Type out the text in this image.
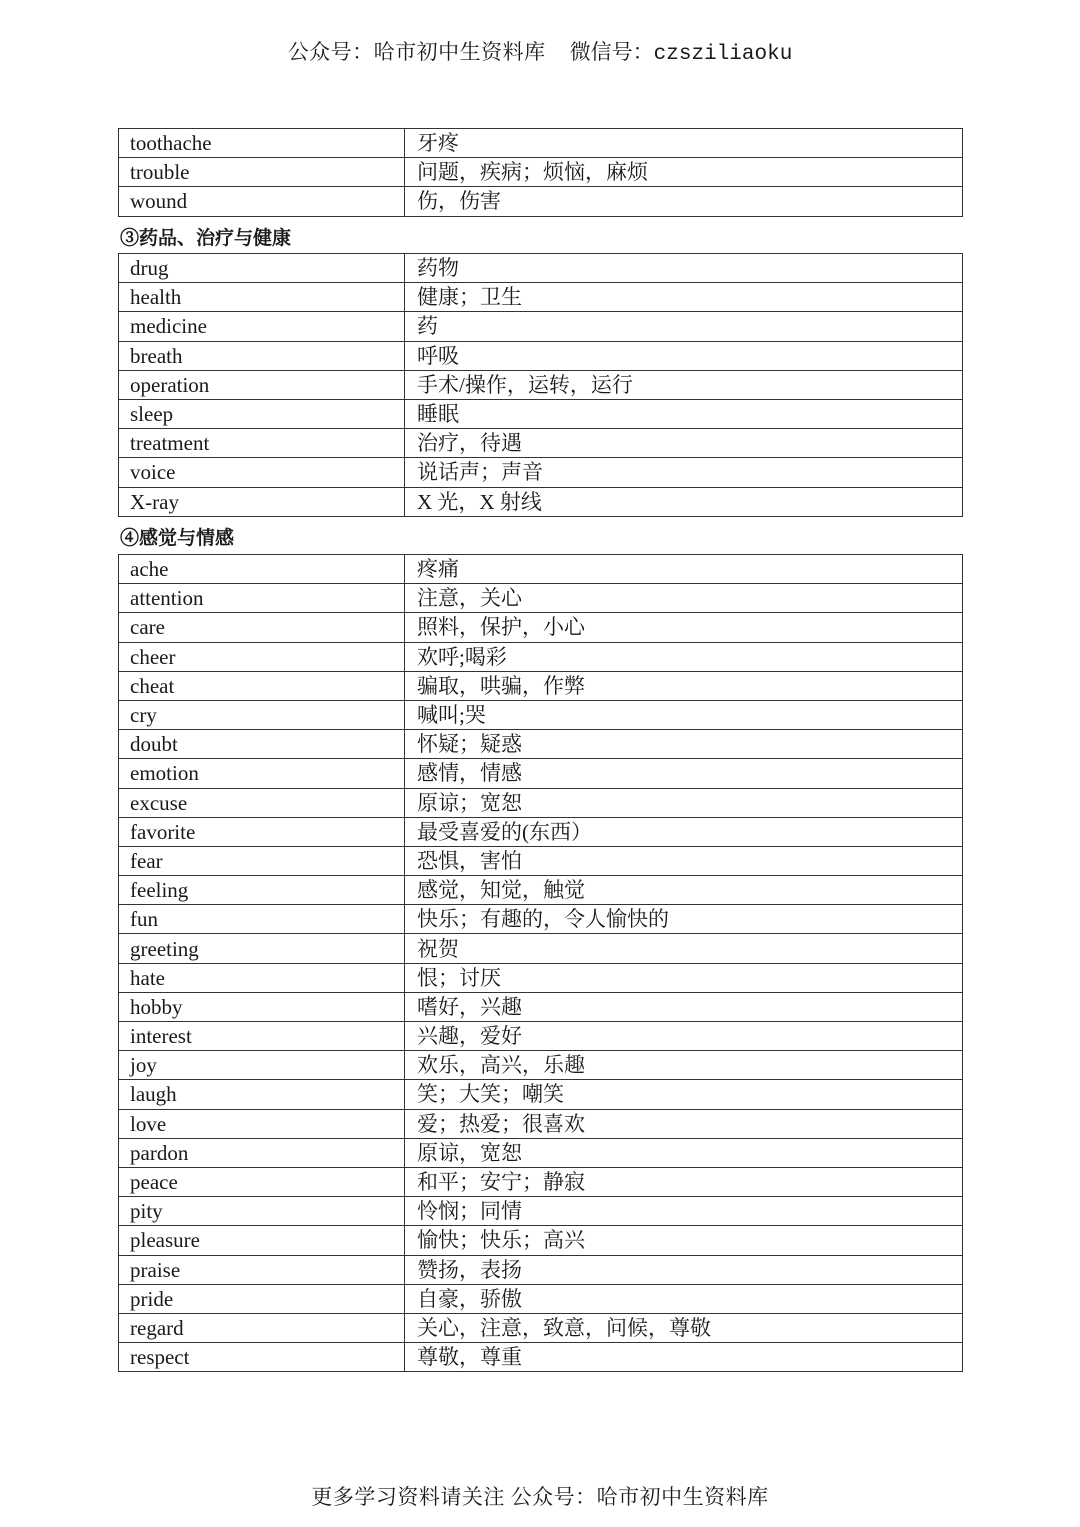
公众号：哈市初中生资料库 微信号：czsziliaoku
toothache	牙疼
trouble	问题，疾病；烦恼，麻烦
wound	伤，伤害
③药品、治疗与健康
drug	药物
health	健康；卫生
medicine	药
breath	呼吸
operation	手术/操作，运转，运行
sleep	睡眠
treatment	治疗，待遇
voice	说话声；声音
X-ray	X 光，X 射线
④感觉与情感
ache	疼痛
attention	注意，关心
care	照料，保护，小心
cheer	欢呼;喝彩
cheat	骗取，哄骗，作弊
cry	喊叫;哭
doubt	怀疑；疑惑
emotion	感情，情感
excuse	原谅；宽恕
favorite	最受喜爱的(东西）
fear	恐惧，害怕
feeling	感觉，知觉，触觉
fun	快乐；有趣的，令人愉快的
greeting	祝贺
hate	恨；讨厌
hobby	嗜好，兴趣
interest	兴趣，爱好
joy	欢乐，高兴，乐趣
laugh	笑；大笑；嘲笑
love	爱；热爱；很喜欢
pardon	原谅，宽恕
peace	和平；安宁；静寂
pity	怜悯；同情
pleasure	愉快；快乐；高兴
praise	赞扬，表扬
pride	自豪，骄傲
regard	关心，注意，致意，问候，尊敬
respect	尊敬，尊重
更多学习资料请关注 公众号：哈市初中生资料库
